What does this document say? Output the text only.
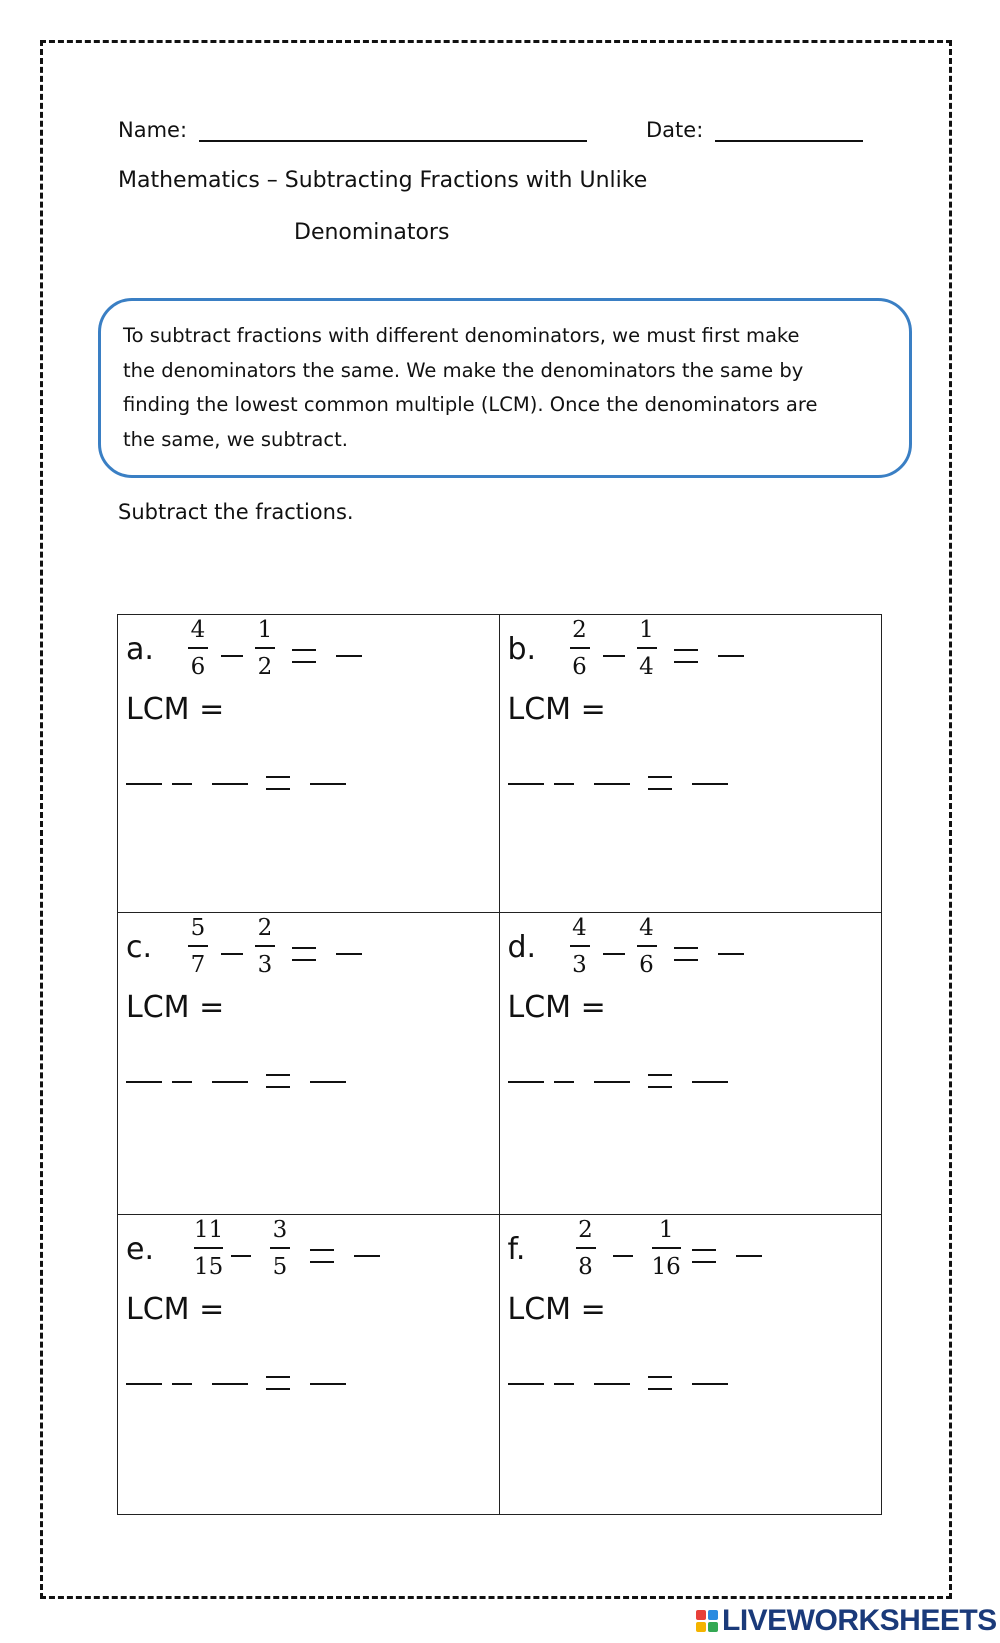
Name:	Date:
Mathematics – Subtracting Fractions with Unlike
Denominators
To subtract fractions with different denominators, we must first make
the denominators the same. We make the denominators the same by
finding the lowest common multiple (LCM). Once the denominators are
the same, we subtract.
Subtract the fractions.
a.
4
6
1
2
LCM =
b.
2
6
1
4
LCM =
c.
5
7
2
3
LCM =
d.
4
3
4
6
LCM =
e.
11
15
3
5
LCM =
f.
2
8
1
16
LCM =
LIVEWORKSHEETS
